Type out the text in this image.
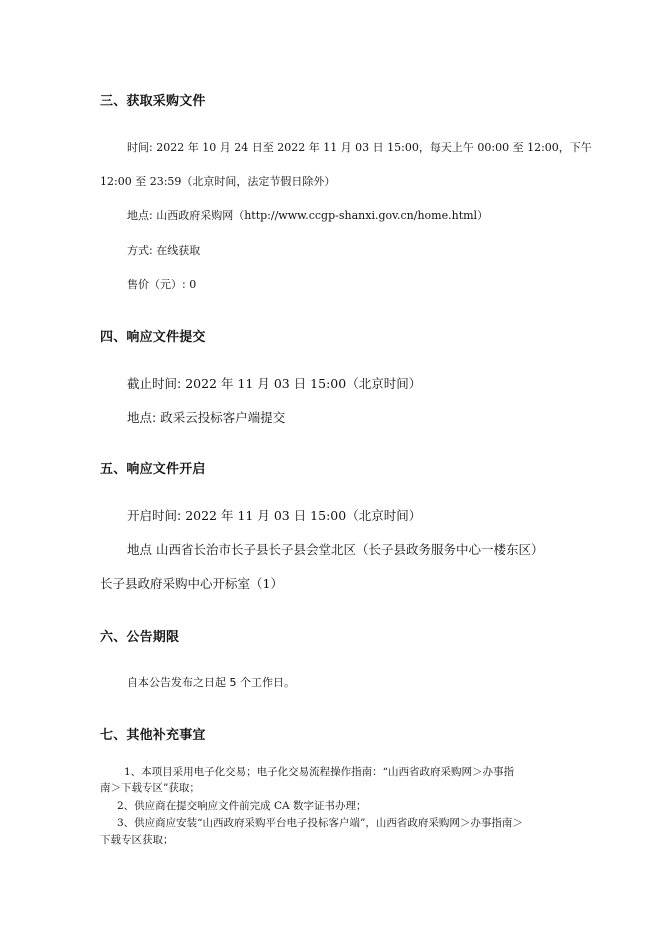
三、获取采购文件
时间: 2022 年 10 月 24 日至 2022 年 11 月 03 日 15:00，每天上午 00:00 至 12:00，下午
12:00 至 23:59（北京时间，法定节假日除外）
地点: 山西政府采购网（http://www.ccgp-shanxi.gov.cn/home.html）
方式: 在线获取
售价（元）: 0
四、响应文件提交
截止时间: 2022 年 11 月 03 日 15:00（北京时间）
地点: 政采云投标客户端提交
五、响应文件开启
开启时间: 2022 年 11 月 03 日 15:00（北京时间）
地点 山西省长治市长子县长子县会堂北区（长子县政务服务中心一楼东区）
长子县政府采购中心开标室（1）
六、公告期限
自本公告发布之日起 5 个工作日。
七、其他补充事宜
1、本项目采用电子化交易；电子化交易流程操作指南：“山西省政府采购网＞办事指
南＞下载专区”获取；
2、供应商在提交响应文件前完成 CA 数字证书办理；
3、供应商应安装“山西政府采购平台电子投标客户端”，山西省政府采购网＞办事指南＞
下载专区获取；
